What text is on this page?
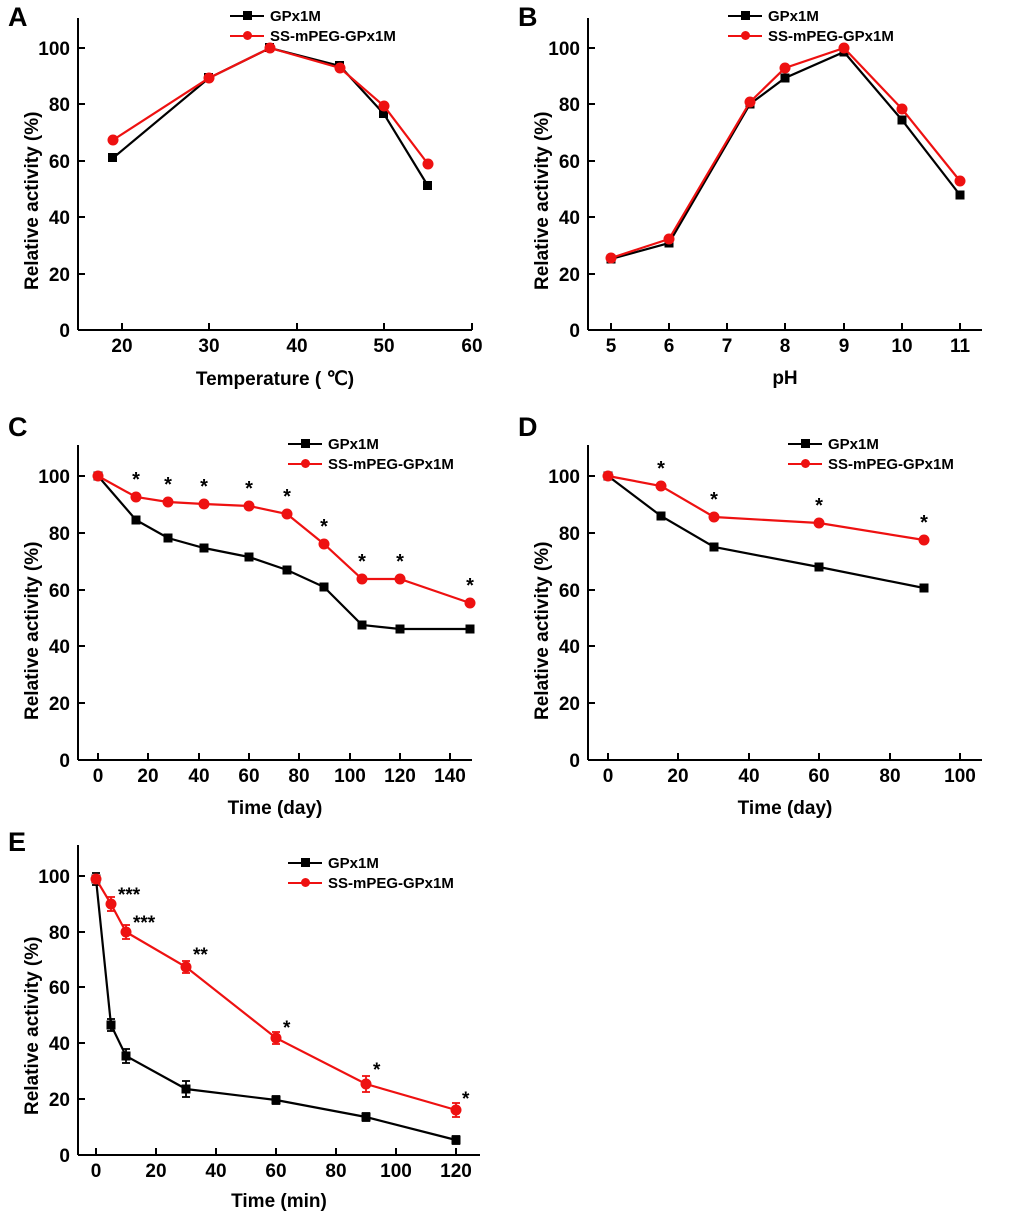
A	GPx1M
SS-mPEG-GPx1M
20	30	40	50	60
0
20
40
60
80
100
Relative activity (%)
Temperature ( ℃)
B	GPx1M
SS-mPEG-GPx1M
5 6 7 8	9 10 11
0
20
40
60
80
100
Relative activity (%)
pH
C
GPx1M
SS-mPEG-GPx1M
0 20 40 60 80 100 120 140
0
20
40
60
80
100	* * * * *
*
* *
*
Relative activity (%)
Time (day)
D
GPx1M
SS-mPEG-GPx1M
0	20	40	60	80 100
0
20
40
60
80
100	*
*	*
*
Relative activity (%)
Time (day)
E
GPx1M
SS-mPEG-GPx1M
0 20 40 60 80 100 120
0
20
40
60
80
100
***
***
**
*
*
*
Relative activity (%)
Time (min)
